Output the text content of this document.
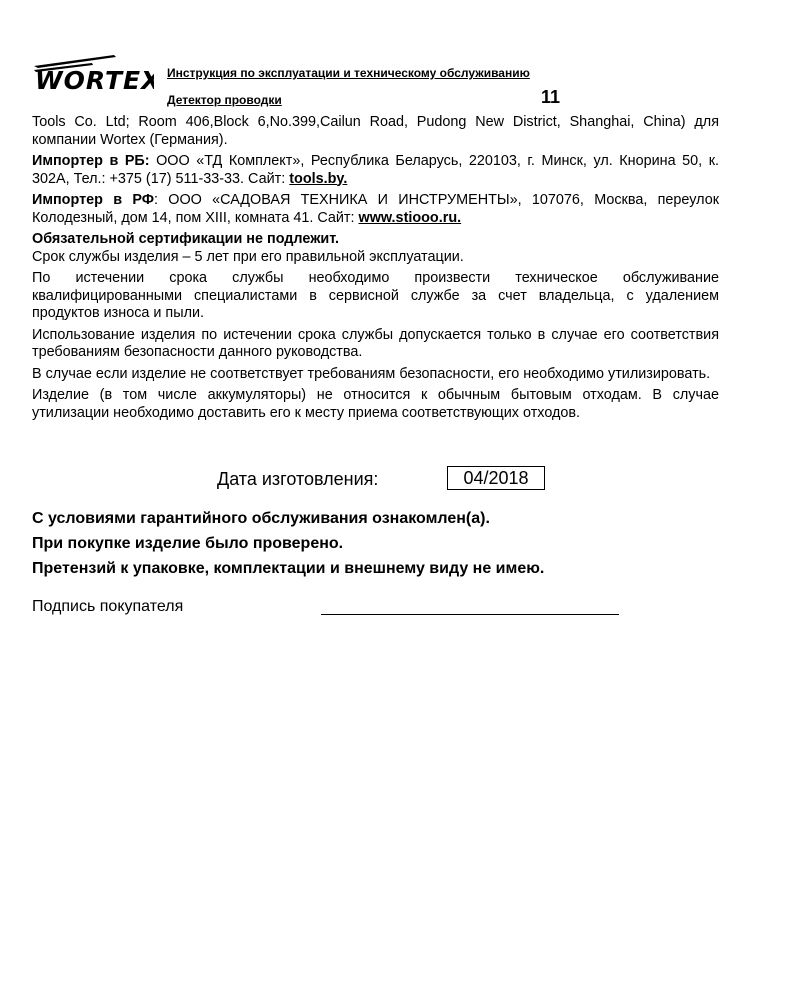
WORTEX Инструкция по эксплуатации и техническому обслуживанию
Детектор проводки	11

Tools Co. Ltd; Room 406,Block 6,No.399,Cailun Road, Pudong New District, Shanghai, China) для компании Wortex (Германия).

Импортер в РБ: ООО «ТД Комплект», Республика Беларусь, 220103, г. Минск, ул. Кнорина 50, к. 302А, Тел.: +375 (17) 511-33-33. Сайт: tools.by.

Импортер в РФ: ООО «САДОВАЯ ТЕХНИКА И ИНСТРУМЕНТЫ», 107076, Москва, переулок Колодезный, дом 14, пом XIII, комната 41. Сайт: www.stiooo.ru.

Обязательной сертификации не подлежит.

Срок службы изделия – 5 лет при его правильной эксплуатации.

По истечении срока службы необходимо произвести техническое обслуживание квалифицированными специалистами в сервисной службе за счет владельца, с удалением продуктов износа и пыли.

Использование изделия по истечении срока службы допускается только в случае его соответствия требованиям безопасности данного руководства.

В случае если изделие не соответствует требованиям безопасности, его необходимо утилизировать.

Изделие (в том числе аккумуляторы) не относится к обычным бытовым отходам. В случае утилизации необходимо доставить его к месту приема соответствующих отходов.

Дата изготовления:	04/2018
С условиями гарантийного обслуживания ознакомлен(а).
При покупке изделие было проверено.
Претензий к упаковке, комплектации и внешнему виду не имею.
Подпись покупателя
